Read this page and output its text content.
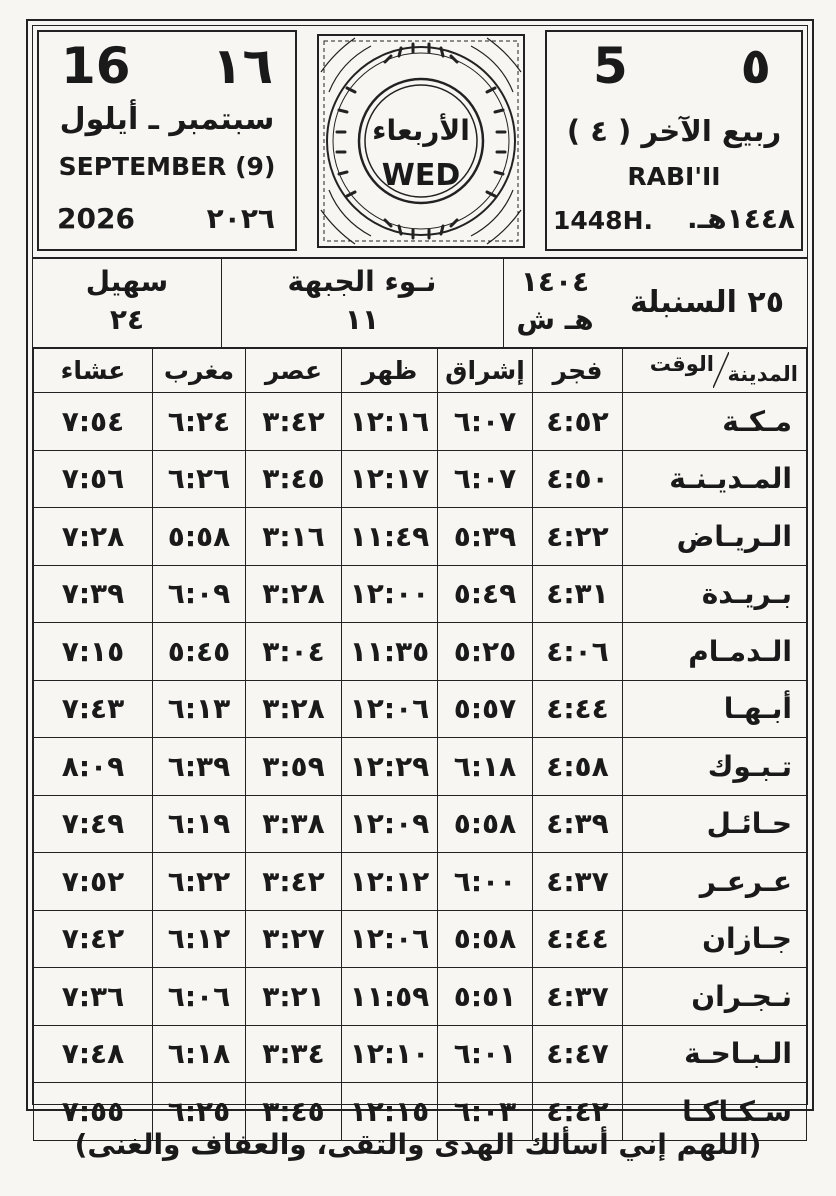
16 ١٦
سبتمبر ـ أيلول
SEPTEMBER (9)
2026	٢٠٢٦
الأربعاء
WED
5 ٥
ربيع الآخر ( ٤ )
RABI'II
1448H. ١٤٤٨هـ.
سهيل
٢٤
نـوء الجبهة
١١
١٤٠٤
هـ ش	٢٥ السنبلة
المدينة
الوقت	فجر	إشراق	ظهر	عصر	مغرب	عشاء
مـكـة	٤:٥٢	٦:٠٧	١٢:١٦	٣:٤٢	٦:٢٤	٧:٥٤
المـديـنـة	٤:٥٠	٦:٠٧	١٢:١٧	٣:٤٥	٦:٢٦	٧:٥٦
الـريـاض	٤:٢٢	٥:٣٩	١١:٤٩	٣:١٦	٥:٥٨	٧:٢٨
بـريـدة	٤:٣١	٥:٤٩	١٢:٠٠	٣:٢٨	٦:٠٩	٧:٣٩
الـدمـام	٤:٠٦	٥:٢٥	١١:٣٥	٣:٠٤	٥:٤٥	٧:١٥
أبـهـا	٤:٤٤	٥:٥٧	١٢:٠٦	٣:٢٨	٦:١٣	٧:٤٣
تـبـوك	٤:٥٨	٦:١٨	١٢:٢٩	٣:٥٩	٦:٣٩	٨:٠٩
حـائـل	٤:٣٩	٥:٥٨	١٢:٠٩	٣:٣٨	٦:١٩	٧:٤٩
عـرعـر	٤:٣٧	٦:٠٠	١٢:١٢	٣:٤٢	٦:٢٢	٧:٥٢
جـازان	٤:٤٤	٥:٥٨	١٢:٠٦	٣:٢٧	٦:١٢	٧:٤٢
نـجـران	٤:٣٧	٥:٥١	١١:٥٩	٣:٢١	٦:٠٦	٧:٣٦
الـبـاحـة	٤:٤٧	٦:٠١	١٢:١٠	٣:٣٤	٦:١٨	٧:٤٨
سـكـاكـا	٤:٤٢	٦:٠٣	١٢:١٥	٣:٤٥	٦:٢٥	٧:٥٥
(اللهم إني أسألك الهدى والتقى، والعفاف والغنى)
